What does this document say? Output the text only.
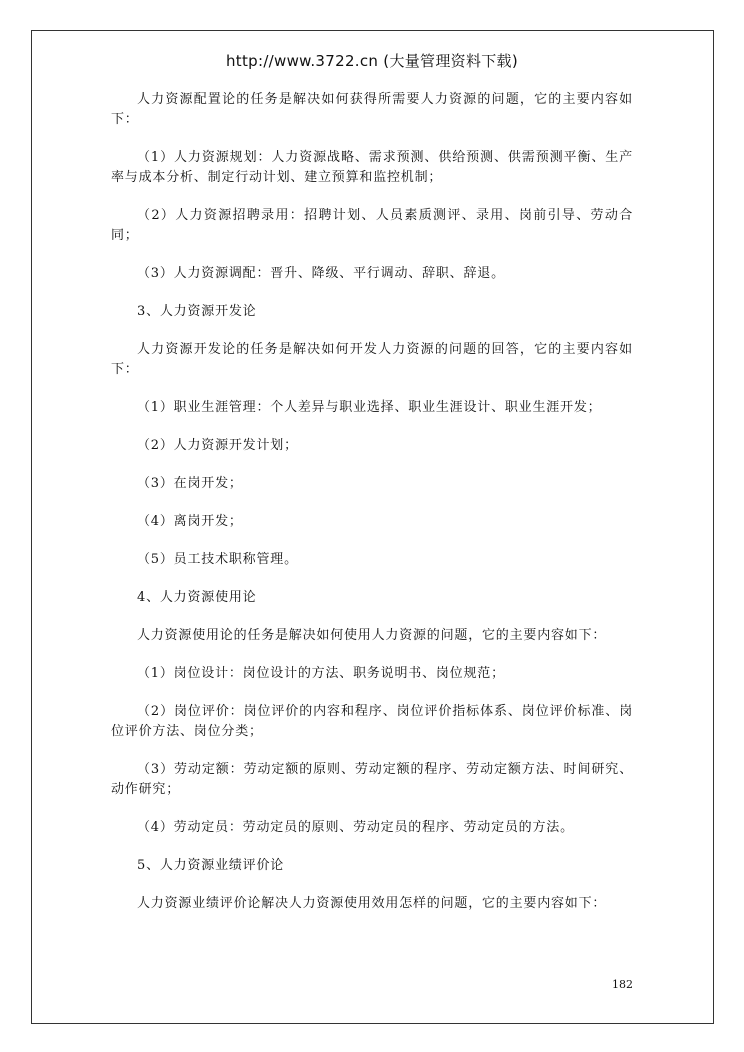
http://www.3722.cn (大量管理资料下载)

人力资源配置论的任务是解决如何获得所需要人力资源的问题，它的主要内容如下：

（1）人力资源规划：人力资源战略、需求预测、供给预测、供需预测平衡、生产率与成本分析、制定行动计划、建立预算和监控机制；

（2）人力资源招聘录用：招聘计划、人员素质测评、录用、岗前引导、劳动合同；

（3）人力资源调配：晋升、降级、平行调动、辞职、辞退。

3、人力资源开发论

人力资源开发论的任务是解决如何开发人力资源的问题的回答，它的主要内容如下：

（1）职业生涯管理：个人差异与职业选择、职业生涯设计、职业生涯开发；

（2）人力资源开发计划；

（3）在岗开发；

（4）离岗开发；

（5）员工技术职称管理。

4、人力资源使用论

人力资源使用论的任务是解决如何使用人力资源的问题，它的主要内容如下：

（1）岗位设计：岗位设计的方法、职务说明书、岗位规范；

（2）岗位评价：岗位评价的内容和程序、岗位评价指标体系、岗位评价标准、岗位评价方法、岗位分类；

（3）劳动定额：劳动定额的原则、劳动定额的程序、劳动定额方法、时间研究、动作研究；

（4）劳动定员：劳动定员的原则、劳动定员的程序、劳动定员的方法。

5、人力资源业绩评价论

人力资源业绩评价论解决人力资源使用效用怎样的问题，它的主要内容如下：

182
